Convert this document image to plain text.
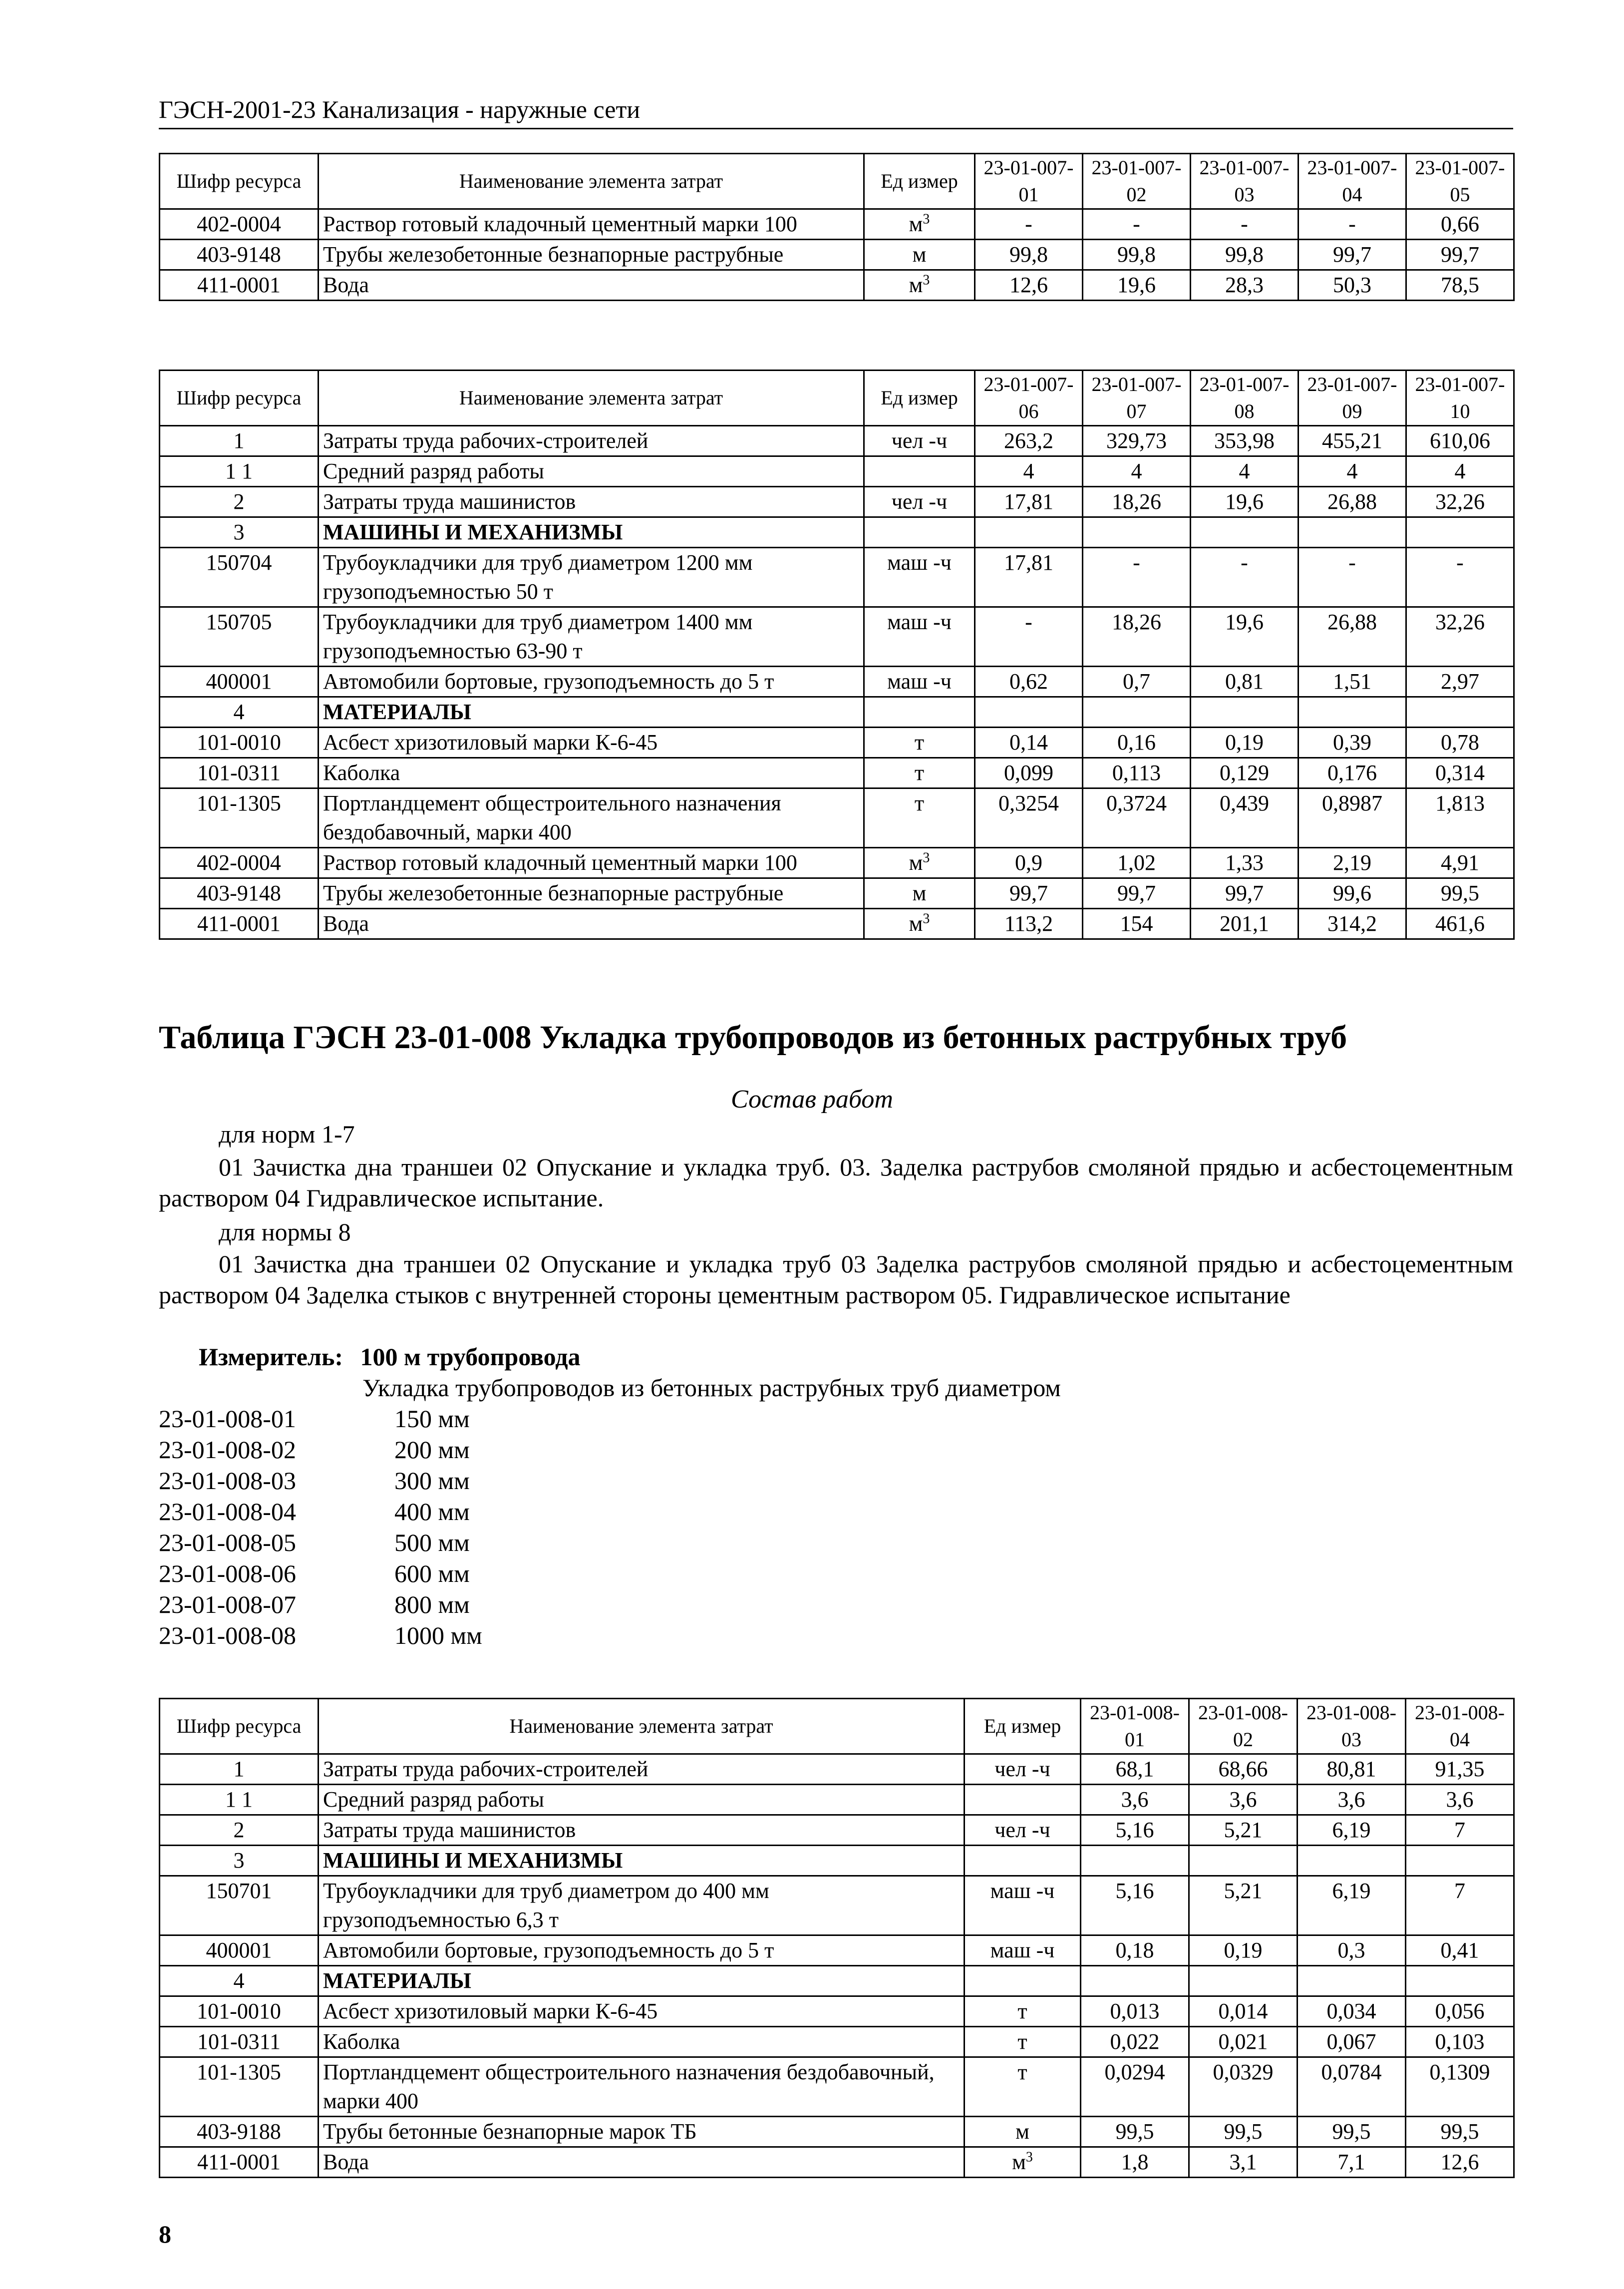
ГЭСН-2001-23 Канализация - наружные сети
Шифр ресурса	Наименование элемента затрат	Ед измер	23-01-007-01	23-01-007-02	23-01-007-03	23-01-007-04	23-01-007-05
402-0004	Раствор готовый кладочный цементный марки 100	$м^3$	-	-	-	-	0,66
403-9148	Трубы железобетонные безнапорные раструбные	м	99,8	99,8	99,8	99,7	99,7
411-0001	Вода	$м^3$	12,6	19,6	28,3	50,3	78,5
Шифр ресурса	Наименование элемента затрат	Ед измер	23-01-007-06	23-01-007-07	23-01-007-08	23-01-007-09	23-01-007-10
1	Затраты труда рабочих-строителей	чел -ч	263,2	329,73	353,98	455,21	610,06
1 1	Средний разряд работы		4	4	4	4	4
2	Затраты труда машинистов	чел -ч	17,81	18,26	19,6	26,88	32,26
3	МАШИНЫ И МЕХАНИЗМЫ						
150704	Трубоукладчики для труб диаметром 1200 мм грузоподъемностью 50 т	маш -ч	17,81	-	-	-	-
150705	Трубоукладчики для труб диаметром 1400 мм грузоподъемностью 63-90 т	маш -ч	-	18,26	19,6	26,88	32,26
400001	Автомобили бортовые, грузоподъемность до 5 т	маш -ч	0,62	0,7	0,81	1,51	2,97
4	МАТЕРИАЛЫ						
101-0010	Асбест хризотиловый марки К-6-45	т	0,14	0,16	0,19	0,39	0,78
101-0311	Каболка	т	0,099	0,113	0,129	0,176	0,314
101-1305	Портландцемент общестроительного назначения бездобавочный, марки 400	т	0,3254	0,3724	0,439	0,8987	1,813
402-0004	Раствор готовый кладочный цементный марки 100	$м^3$	0,9	1,02	1,33	2,19	4,91
403-9148	Трубы железобетонные безнапорные раструбные	м	99,7	99,7	99,7	99,6	99,5
411-0001	Вода	$м^3$	113,2	154	201,1	314,2	461,6
Таблица ГЭСН 23-01-008 Укладка трубопроводов из бетонных раструбных труб
Состав работ
для норм 1-7
01 Зачистка дна траншеи 02 Опускание и укладка труб. 03. Заделка раструбов смоляной прядью и асбестоцементным раствором 04 Гидравлическое испытание.
для нормы 8
01 Зачистка дна траншеи 02 Опускание и укладка труб 03 Заделка раструбов смоляной прядью и асбестоцементным раствором 04 Заделка стыков с внутренней стороны цементным раствором 05. Гидравлическое испытание
Измеритель: 100 м трубопровода
Укладка трубопроводов из бетонных раструбных труб диаметром
23-01-008-01	150 мм
23-01-008-02	200 мм
23-01-008-03	300 мм
23-01-008-04	400 мм
23-01-008-05	500 мм
23-01-008-06	600 мм
23-01-008-07	800 мм
23-01-008-08	1000 мм
Шифр ресурса	Наименование элемента затрат	Ед измер	23-01-008-01	23-01-008-02	23-01-008-03	23-01-008-04
1	Затраты труда рабочих-строителей	чел -ч	68,1	68,66	80,81	91,35
1 1	Средний разряд работы		3,6	3,6	3,6	3,6
2	Затраты труда машинистов	чел -ч	5,16	5,21	6,19	7
3	МАШИНЫ И МЕХАНИЗМЫ					
150701	Трубоукладчики для труб диаметром до 400 мм грузоподъемностью 6,3 т	маш -ч	5,16	5,21	6,19	7
400001	Автомобили бортовые, грузоподъемность до 5 т	маш -ч	0,18	0,19	0,3	0,41
4	МАТЕРИАЛЫ					
101-0010	Асбест хризотиловый марки К-6-45	т	0,013	0,014	0,034	0,056
101-0311	Каболка	т	0,022	0,021	0,067	0,103
101-1305	Портландцемент общестроительного назначения бездобавочный, марки 400	т	0,0294	0,0329	0,0784	0,1309
403-9188	Трубы бетонные безнапорные марок ТБ	м	99,5	99,5	99,5	99,5
411-0001	Вода	$м^3$	1,8	3,1	7,1	12,6
8
